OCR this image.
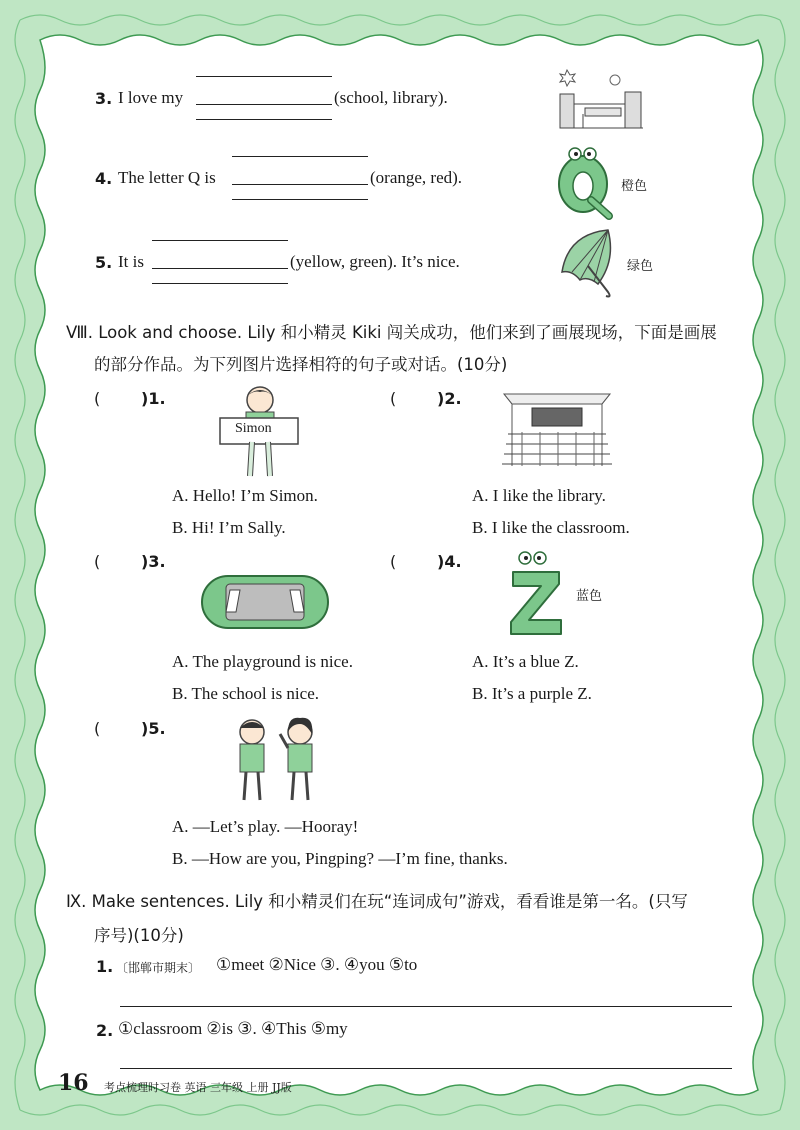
3. I love my	(school, library).
4. The letter Q is	(orange, red).	橙色
5. It is	(yellow, green). It’s nice.	绿色
Ⅷ. Look and choose. Lily 和小精灵 Kiki 闯关成功，他们来到了画展现场，下面是画展
的部分作品。为下列图片选择相符的句子或对话。(10分)
(	)1.
Simon
A. Hello! I’m Simon.
B. Hi! I’m Sally.
(	)2.
A. I like the library.
B. I like the classroom.
(	)3.
A. The playground is nice.
B. The school is nice.
(	)4.
蓝色
A. It’s a blue Z.
B. It’s a purple Z.
(	)5.
A. —Let’s play. —Hooray!
B. —How are you, Pingping? —I’m fine, thanks.
Ⅸ. Make sentences. Lily 和小精灵们在玩“连词成句”游戏，看看谁是第一名。(只写
序号)(10分)
1. 〔邯郸市期末〕 ①meet ②Nice ③. ④you ⑤to
2. ①classroom ②is ③. ④This ⑤my
16 考点梳理时习卷 英语 三年级 上册 JJ版
